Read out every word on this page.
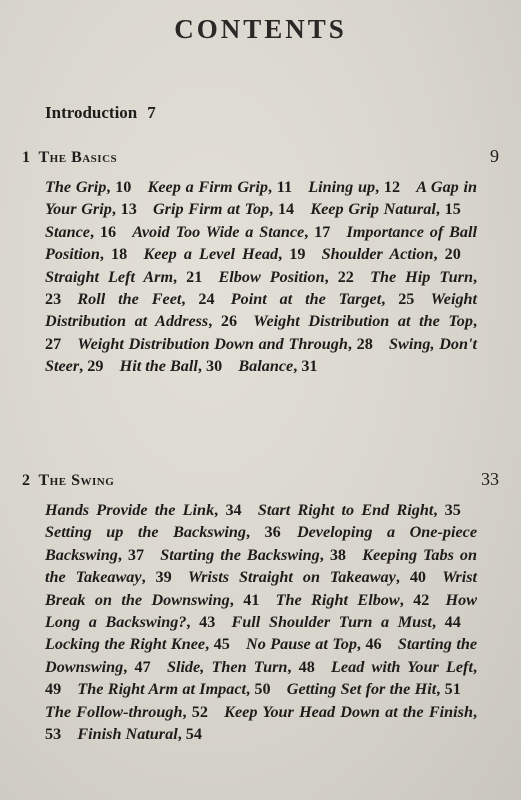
CONTENTS
Introduction 7
1 The Basics	9
The Grip, 10  Keep a Firm Grip, 11  Lining up, 12  A Gap in Your Grip, 13  Grip Firm at Top, 14  Keep Grip Natural, 15 Stance, 16  Avoid Too Wide a Stance, 17  Importance of Ball Position, 18  Keep a Level Head, 19  Shoulder Action, 20 Straight Left Arm, 21  Elbow Position, 22  The Hip Turn, 23  Roll the Feet, 24  Point at the Target, 25  Weight Distribution at Address, 26  Weight Distribution at the Top, 27  Weight Distribution Down and Through, 28  Swing, Don't Steer, 29  Hit the Ball, 30  Balance, 31
2 The Swing	33
Hands Provide the Link, 34  Start Right to End Right, 35 Setting up the Backswing, 36  Developing a One-piece Backswing, 37  Starting the Backswing, 38  Keeping Tabs on the Takeaway, 39  Wrists Straight on Takeaway, 40  Wrist Break on the Downswing, 41  The Right Elbow, 42  How Long a Backswing?, 43  Full Shoulder Turn a Must, 44 Locking the Right Knee, 45  No Pause at Top, 46  Starting the Downswing, 47  Slide, Then Turn, 48  Lead with Your Left, 49  The Right Arm at Impact, 50  Getting Set for the Hit, 51 The Follow-through, 52  Keep Your Head Down at the Finish, 53  Finish Natural, 54
